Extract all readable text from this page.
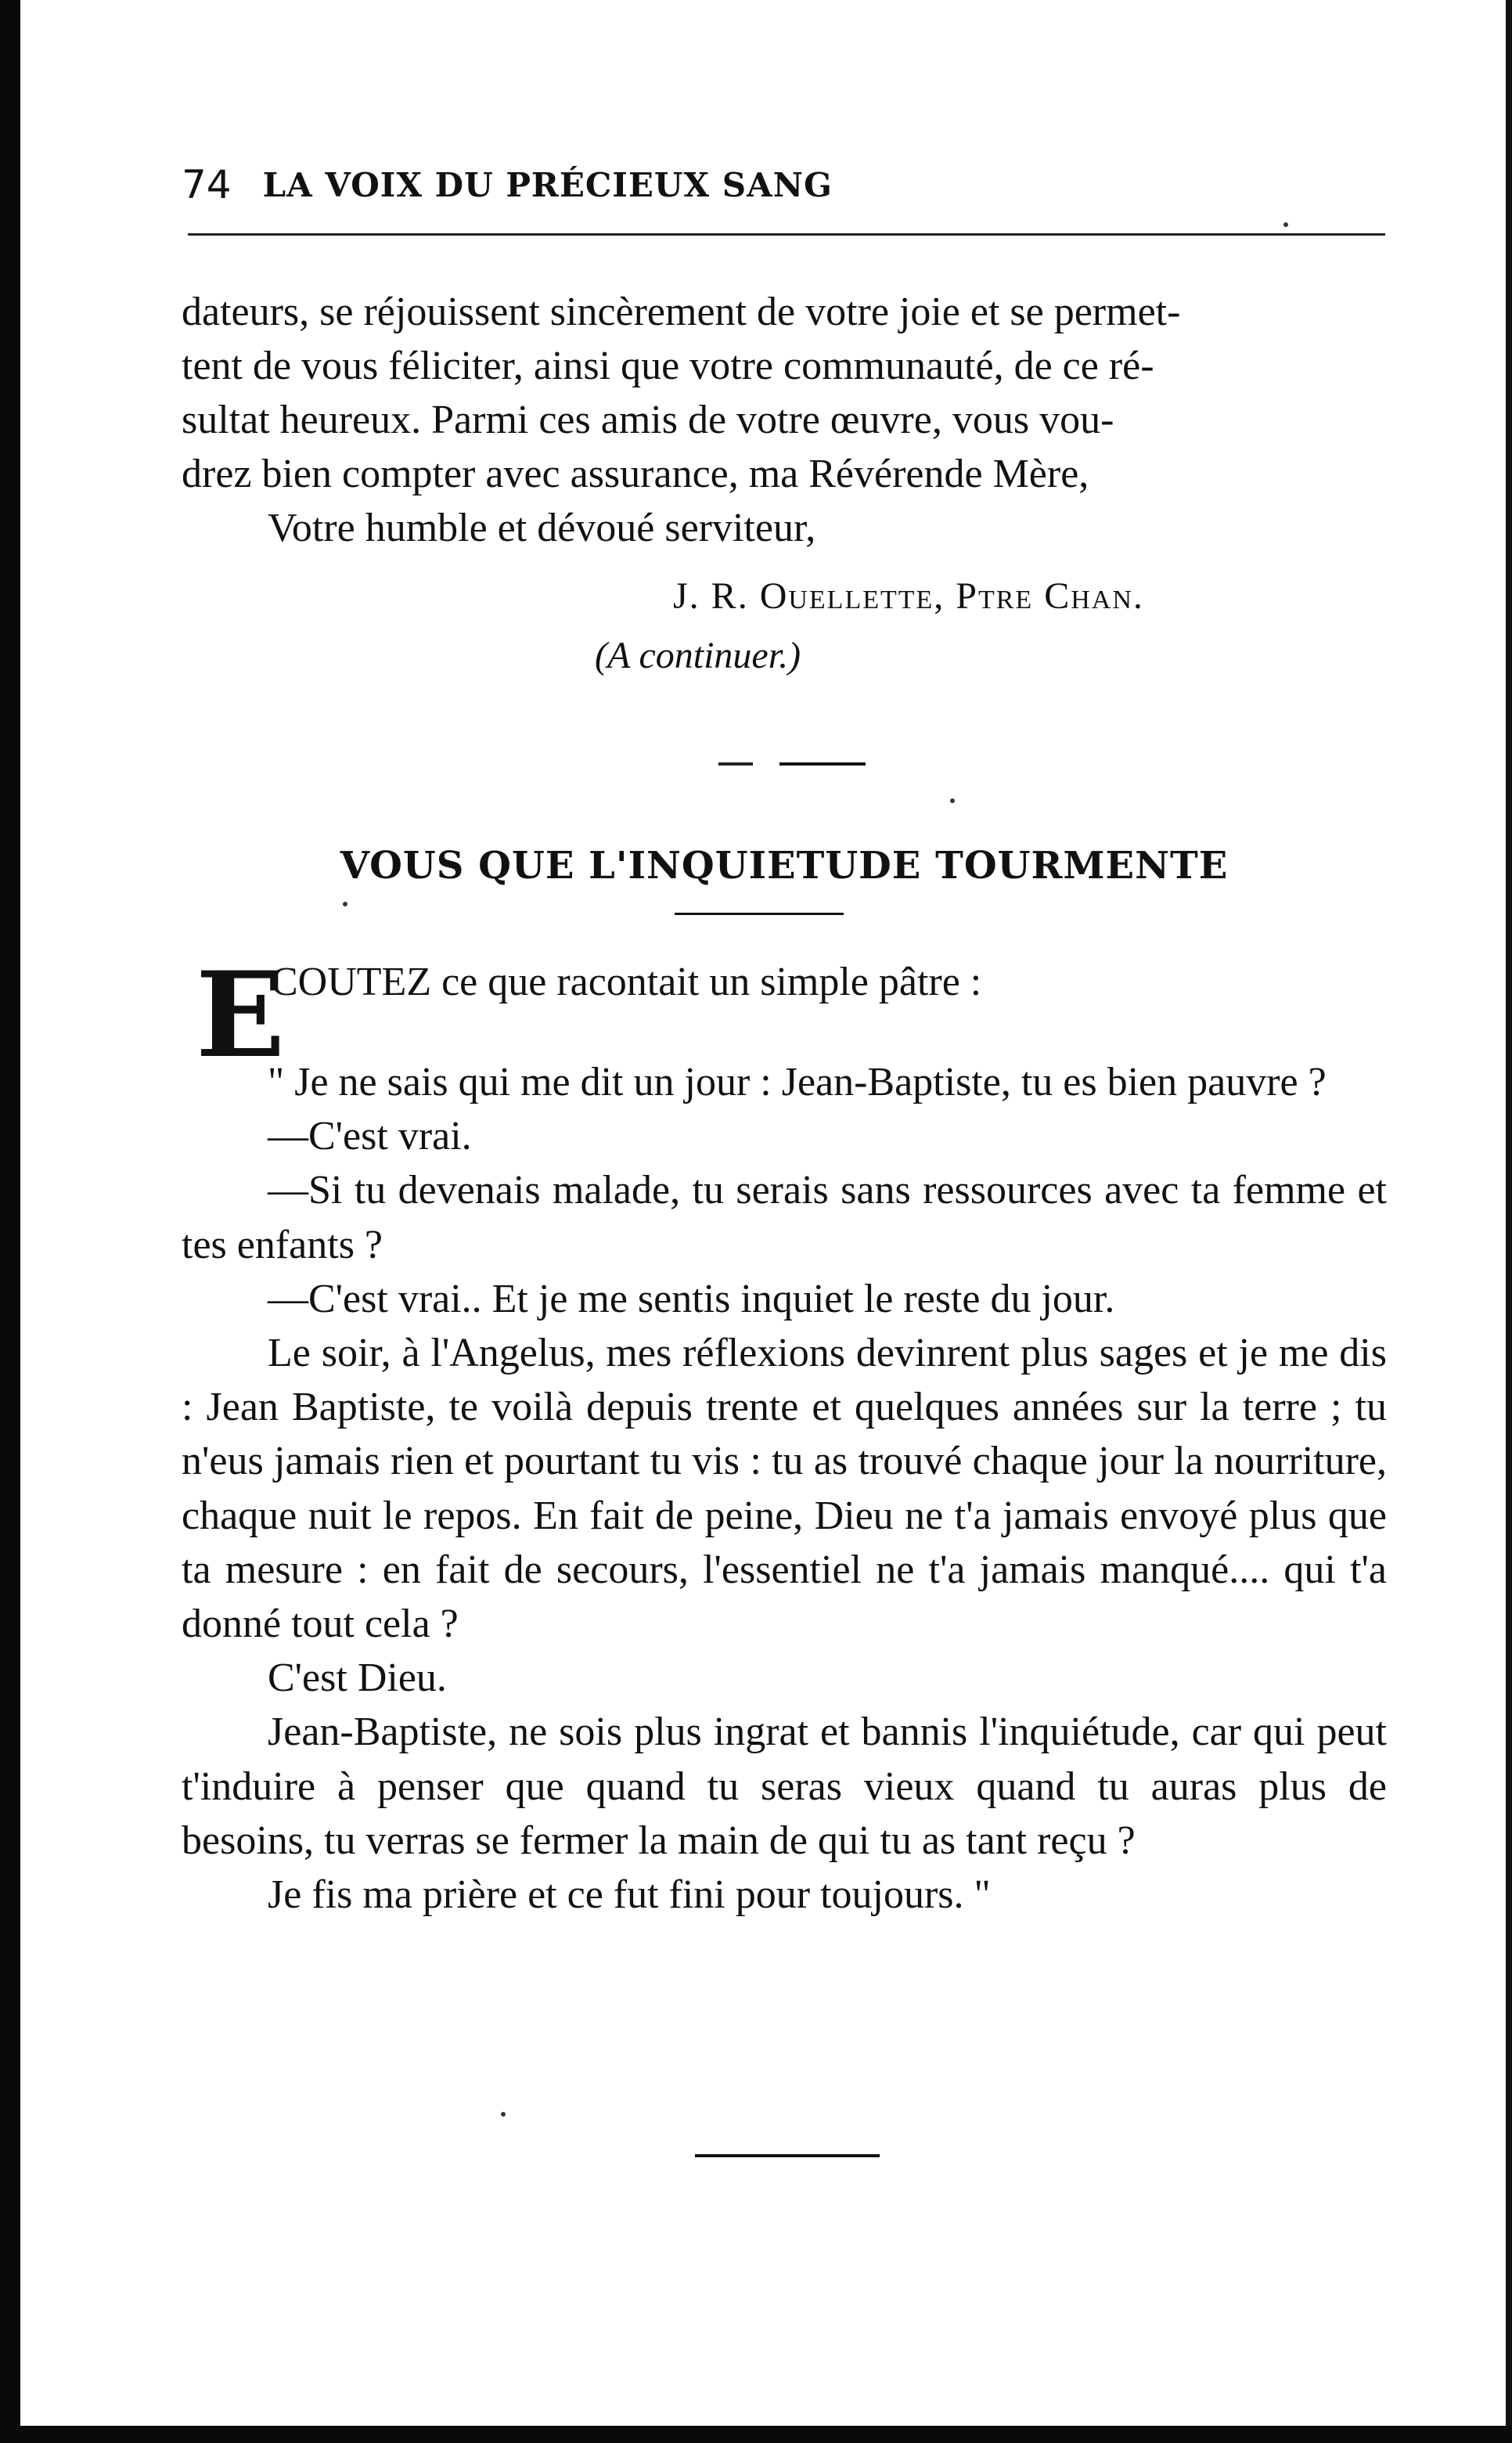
74 LA VOIX DU PRÉCIEUX SANG

dateurs, se réjouissent sincèrement de votre joie et se permet-

tent de vous féliciter, ainsi que votre communauté, de ce ré-

sultat heureux. Parmi ces amis de votre œuvre, vous vou-

drez bien compter avec assurance, ma Révérende Mère,

Votre humble et dévoué serviteur,

J. R. Ouellette, Ptre Chan.
(A continuer.)
VOUS QUE L'INQUIETUDE TOURMENTE
E
COUTEZ ce que racontait un simple pâtre :

" Je ne sais qui me dit un jour : Jean-Baptiste, tu es bien pauvre ?

—C'est vrai.

—Si tu devenais malade, tu serais sans ressources avec ta femme et tes enfants ?

—C'est vrai.. Et je me sentis inquiet le reste du jour.

Le soir, à l'Angelus, mes réflexions devinrent plus sages et je me dis : Jean Baptiste, te voilà depuis trente et quelques années sur la terre ; tu n'eus jamais rien et pourtant tu vis : tu as trouvé chaque jour la nourriture, chaque nuit le repos. En fait de peine, Dieu ne t'a jamais envoyé plus que ta mesure : en fait de secours, l'essentiel ne t'a jamais manqué.... qui t'a donné tout cela ?

C'est Dieu.

Jean-Baptiste, ne sois plus ingrat et bannis l'inquiétude, car qui peut t'induire à penser que quand tu seras vieux quand tu auras plus de besoins, tu verras se fermer la main de qui tu as tant reçu ?

Je fis ma prière et ce fut fini pour toujours. "
